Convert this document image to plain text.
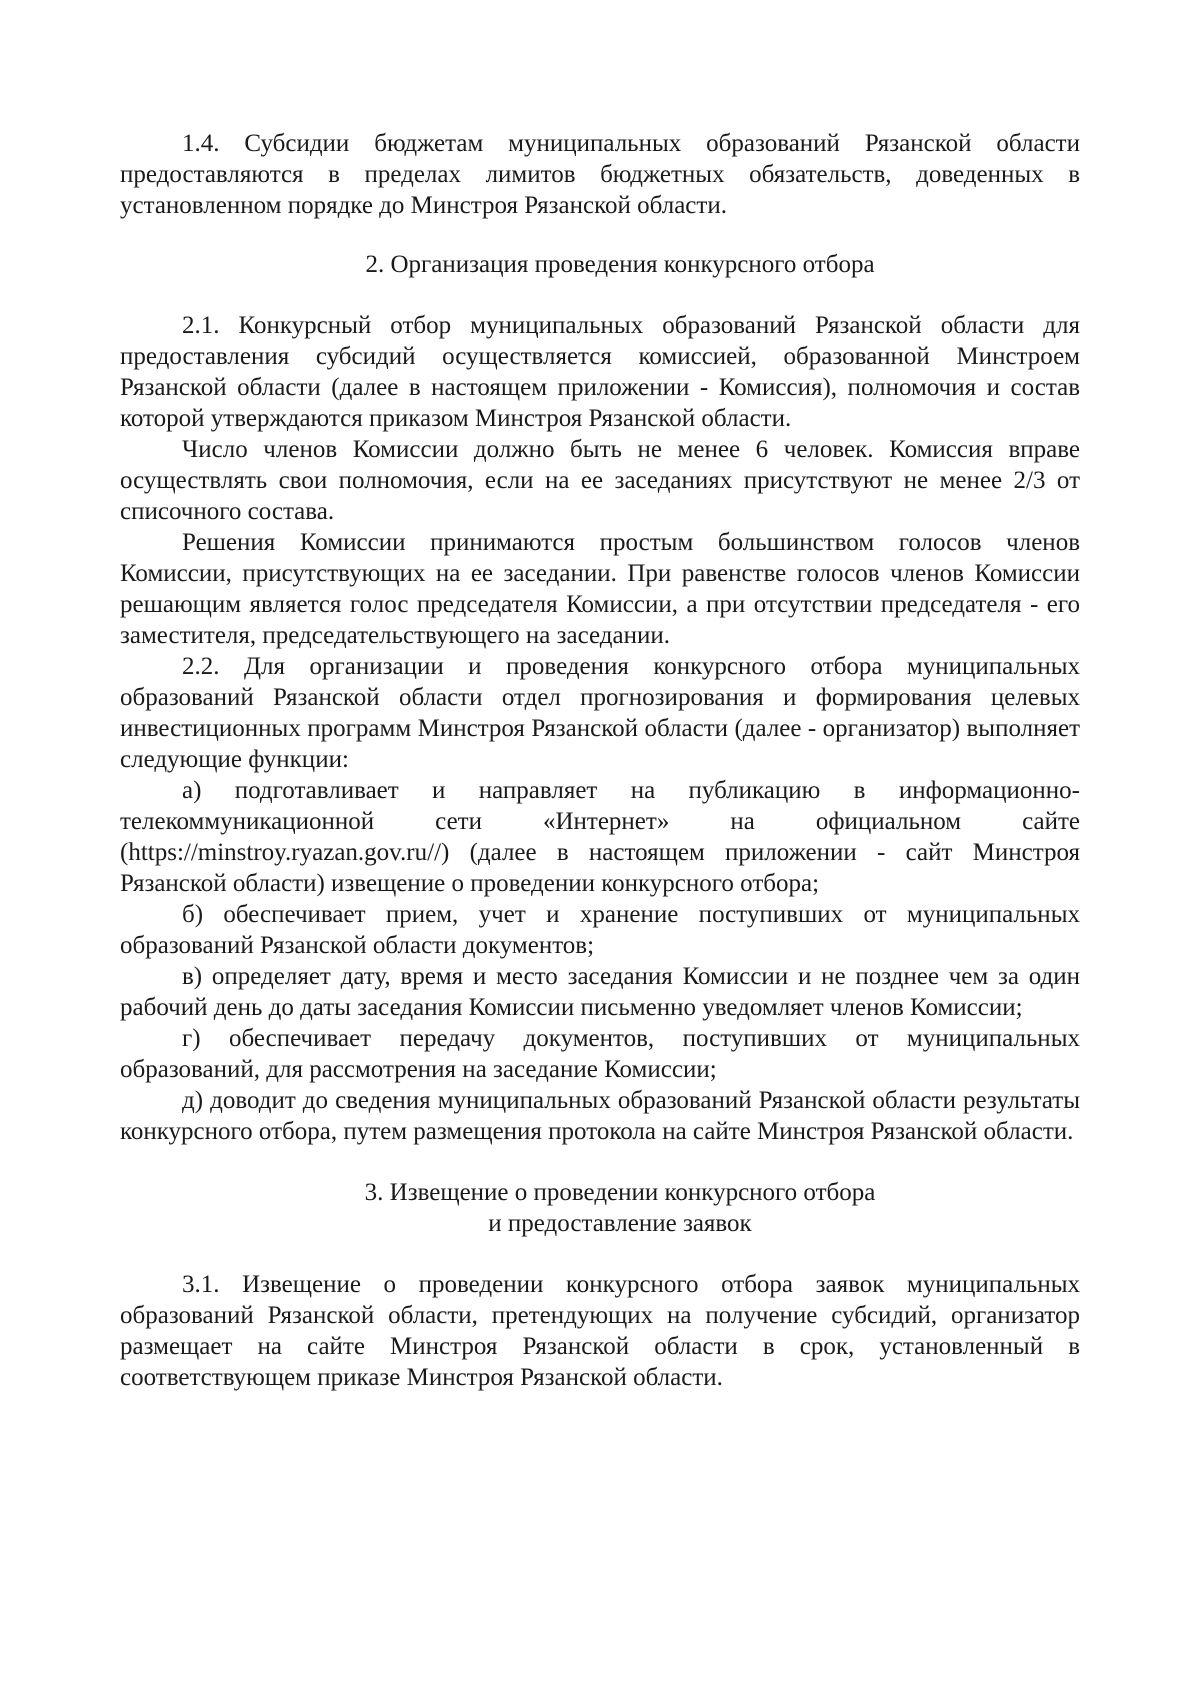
1.4. Субсидии бюджетам муниципальных образований Рязанской области предоставляются в пределах лимитов бюджетных обязательств, доведенных в установленном порядке до Минстроя Рязанской области.

2. Организация проведения конкурсного отбора

2.1. Конкурсный отбор муниципальных образований Рязанской области для предоставления субсидий осуществляется комиссией, образованной Минстроем Рязанской области (далее в настоящем приложении - Комиссия), полномочия и состав которой утверждаются приказом Минстроя Рязанской области.

Число членов Комиссии должно быть не менее 6 человек. Комиссия вправе осуществлять свои полномочия, если на ее заседаниях присутствуют не менее 2/3 от списочного состава.

Решения Комиссии принимаются простым большинством голосов членов Комиссии, присутствующих на ее заседании. При равенстве голосов членов Комиссии решающим является голос председателя Комиссии, а при отсутствии председателя - его заместителя, председательствующего на заседании.

2.2. Для организации и проведения конкурсного отбора муниципальных образований Рязанской области отдел прогнозирования и формирования целевых инвестиционных программ Минстроя Рязанской области (далее - организатор) выполняет следующие функции:

а) подготавливает и направляет на публикацию в информационно-телекоммуникационной сети «Интернет» на официальном сайте (https://minstroy.ryazan.gov.ru//) (далее в настоящем приложении - сайт Минстроя Рязанской области) извещение о проведении конкурсного отбора;

б) обеспечивает прием, учет и хранение поступивших от муниципальных образований Рязанской области документов;

в) определяет дату, время и место заседания Комиссии и не позднее чем за один рабочий день до даты заседания Комиссии письменно уведомляет членов Комиссии;

г) обеспечивает передачу документов, поступивших от муниципальных образований, для рассмотрения на заседание Комиссии;

д) доводит до сведения муниципальных образований Рязанской области результаты конкурсного отбора, путем размещения протокола на сайте Минстроя Рязанской области.

3. Извещение о проведении конкурсного отбора
и предоставление заявок

3.1. Извещение о проведении конкурсного отбора заявок муниципальных образований Рязанской области, претендующих на получение субсидий, организатор размещает на сайте Минстроя Рязанской области в срок, установленный в соответствующем приказе Минстроя Рязанской области.
